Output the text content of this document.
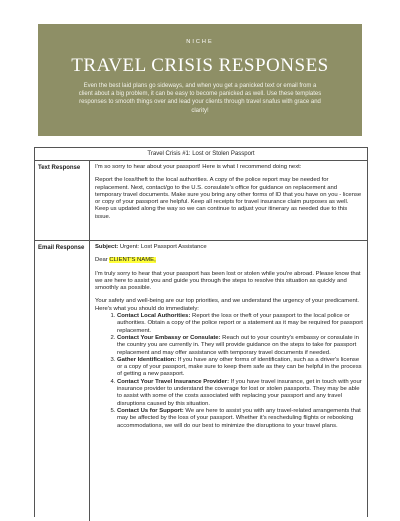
NICHE
TRAVEL CRISIS RESPONSES
Even the best laid plans go sideways, and when you get a panicked text or email from a client about a big problem, it can be easy to become panicked as well. Use these templates responses to smooth things over and lead your clients through travel snafus with grace and clarity!
Travel Crisis #1: Lost or Stolen Passport
Text Response	I'm so sorry to hear about your passport! Here is what I recommend doing next:

Report the loss/theft to the local authorities. A copy of the police report may be needed for replacement. Next, contact/go to the U.S. consulate's office for guidance on replacement and temporary travel documents. Make sure you bring any other forms of ID that you have on you - license or copy of your passport are helpful. Keep all receipts for travel insurance claim purposes as well. Keep us updated along the way so we can continue to adjust your itinerary as needed due to this issue.

Email Response	Subject: Urgent: Lost Passport Assistance

Dear CLIENT'S NAME,

I'm truly sorry to hear that your passport has been lost or stolen while you're abroad. Please know that we are here to assist you and guide you through the steps to resolve this situation as quickly and smoothly as possible.

Your safety and well-being are our top priorities, and we understand the urgency of your predicament. Here's what you should do immediately:

1. Contact Local Authorities: Report the loss or theft of your passport to the local police or authorities. Obtain a copy of the police report or a statement as it may be required for passport replacement.
2. Contact Your Embassy or Consulate: Reach out to your country's embassy or consulate in the country you are currently in. They will provide guidance on the steps to take for passport replacement and may offer assistance with temporary travel documents if needed.
3. Gather Identification: If you have any other forms of identification, such as a driver's license or a copy of your passport, make sure to keep them safe as they can be helpful in the process of getting a new passport.
4. Contact Your Travel Insurance Provider: If you have travel insurance, get in touch with your insurance provider to understand the coverage for lost or stolen passports. They may be able to assist with some of the costs associated with replacing your passport and any travel disruptions caused by this situation.
5. Contact Us for Support: We are here to assist you with any travel-related arrangements that may be affected by the loss of your passport. Whether it's rescheduling flights or rebooking accommodations, we will do our best to minimize the disruptions to your travel plans.
